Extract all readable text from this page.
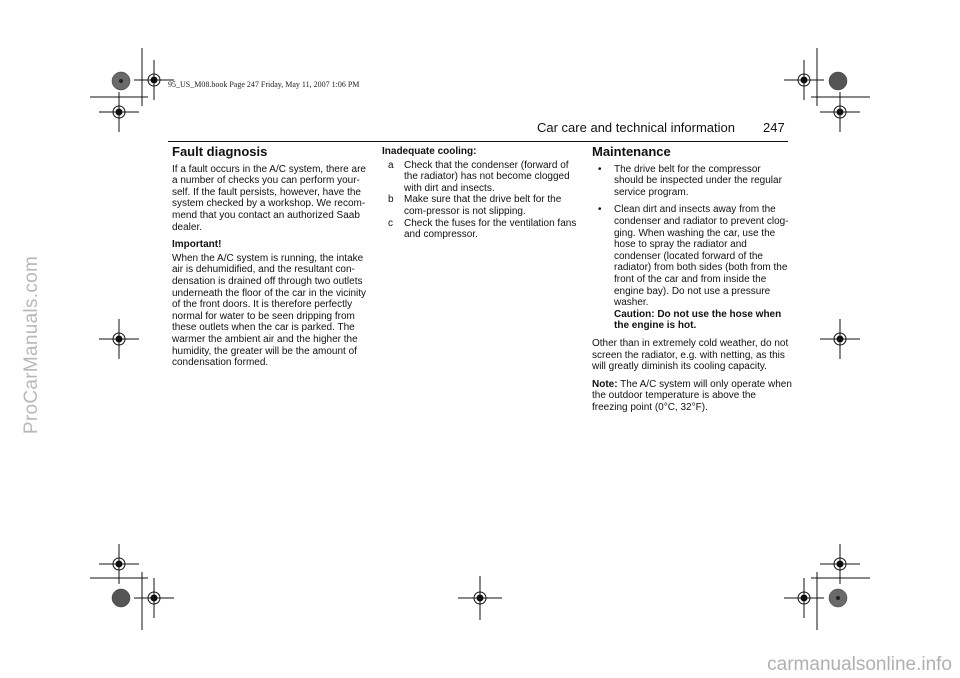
ProCarManuals.com
carmanualsonline.info
95_US_M08.book Page 247 Friday, May 11, 2007 1:06 PM
Car care and technical information 247
Fault diagnosis

If a fault occurs in the A/C system, there are a number of checks you can perform your-self. If the fault persists, however, have the system checked by a workshop. We recom-mend that you contact an authorized Saab dealer.

Important!

When the A/C system is running, the intake air is dehumidified, and the resultant con-densation is drained off through two outlets underneath the floor of the car in the vicinity of the front doors. It is therefore perfectly normal for water to be seen dripping from these outlets when the car is parked. The warmer the ambient air and the higher the humidity, the greater will be the amount of condensation formed.

Inadequate cooling:

a	Check that the condenser (forward of the radiator) has not become clogged with dirt and insects.
b	Make sure that the drive belt for the com-pressor is not slipping.
c	Check the fuses for the ventilation fans and compressor.
Maintenance
•	The drive belt for the compressor should be inspected under the regular service program.
•	Clean dirt and insects away from the condenser and radiator to prevent clog-ging. When washing the car, use the hose to spray the radiator and condenser (located forward of the radiator) from both sides (both from the front of the car and from inside the engine bay). Do not use a pressure washer.
Caution: Do not use the hose when the engine is hot.

Other than in extremely cold weather, do not screen the radiator, e.g. with netting, as this will greatly diminish its cooling capacity.

Note: The A/C system will only operate when the outdoor temperature is above the freezing point (0°C, 32°F).
